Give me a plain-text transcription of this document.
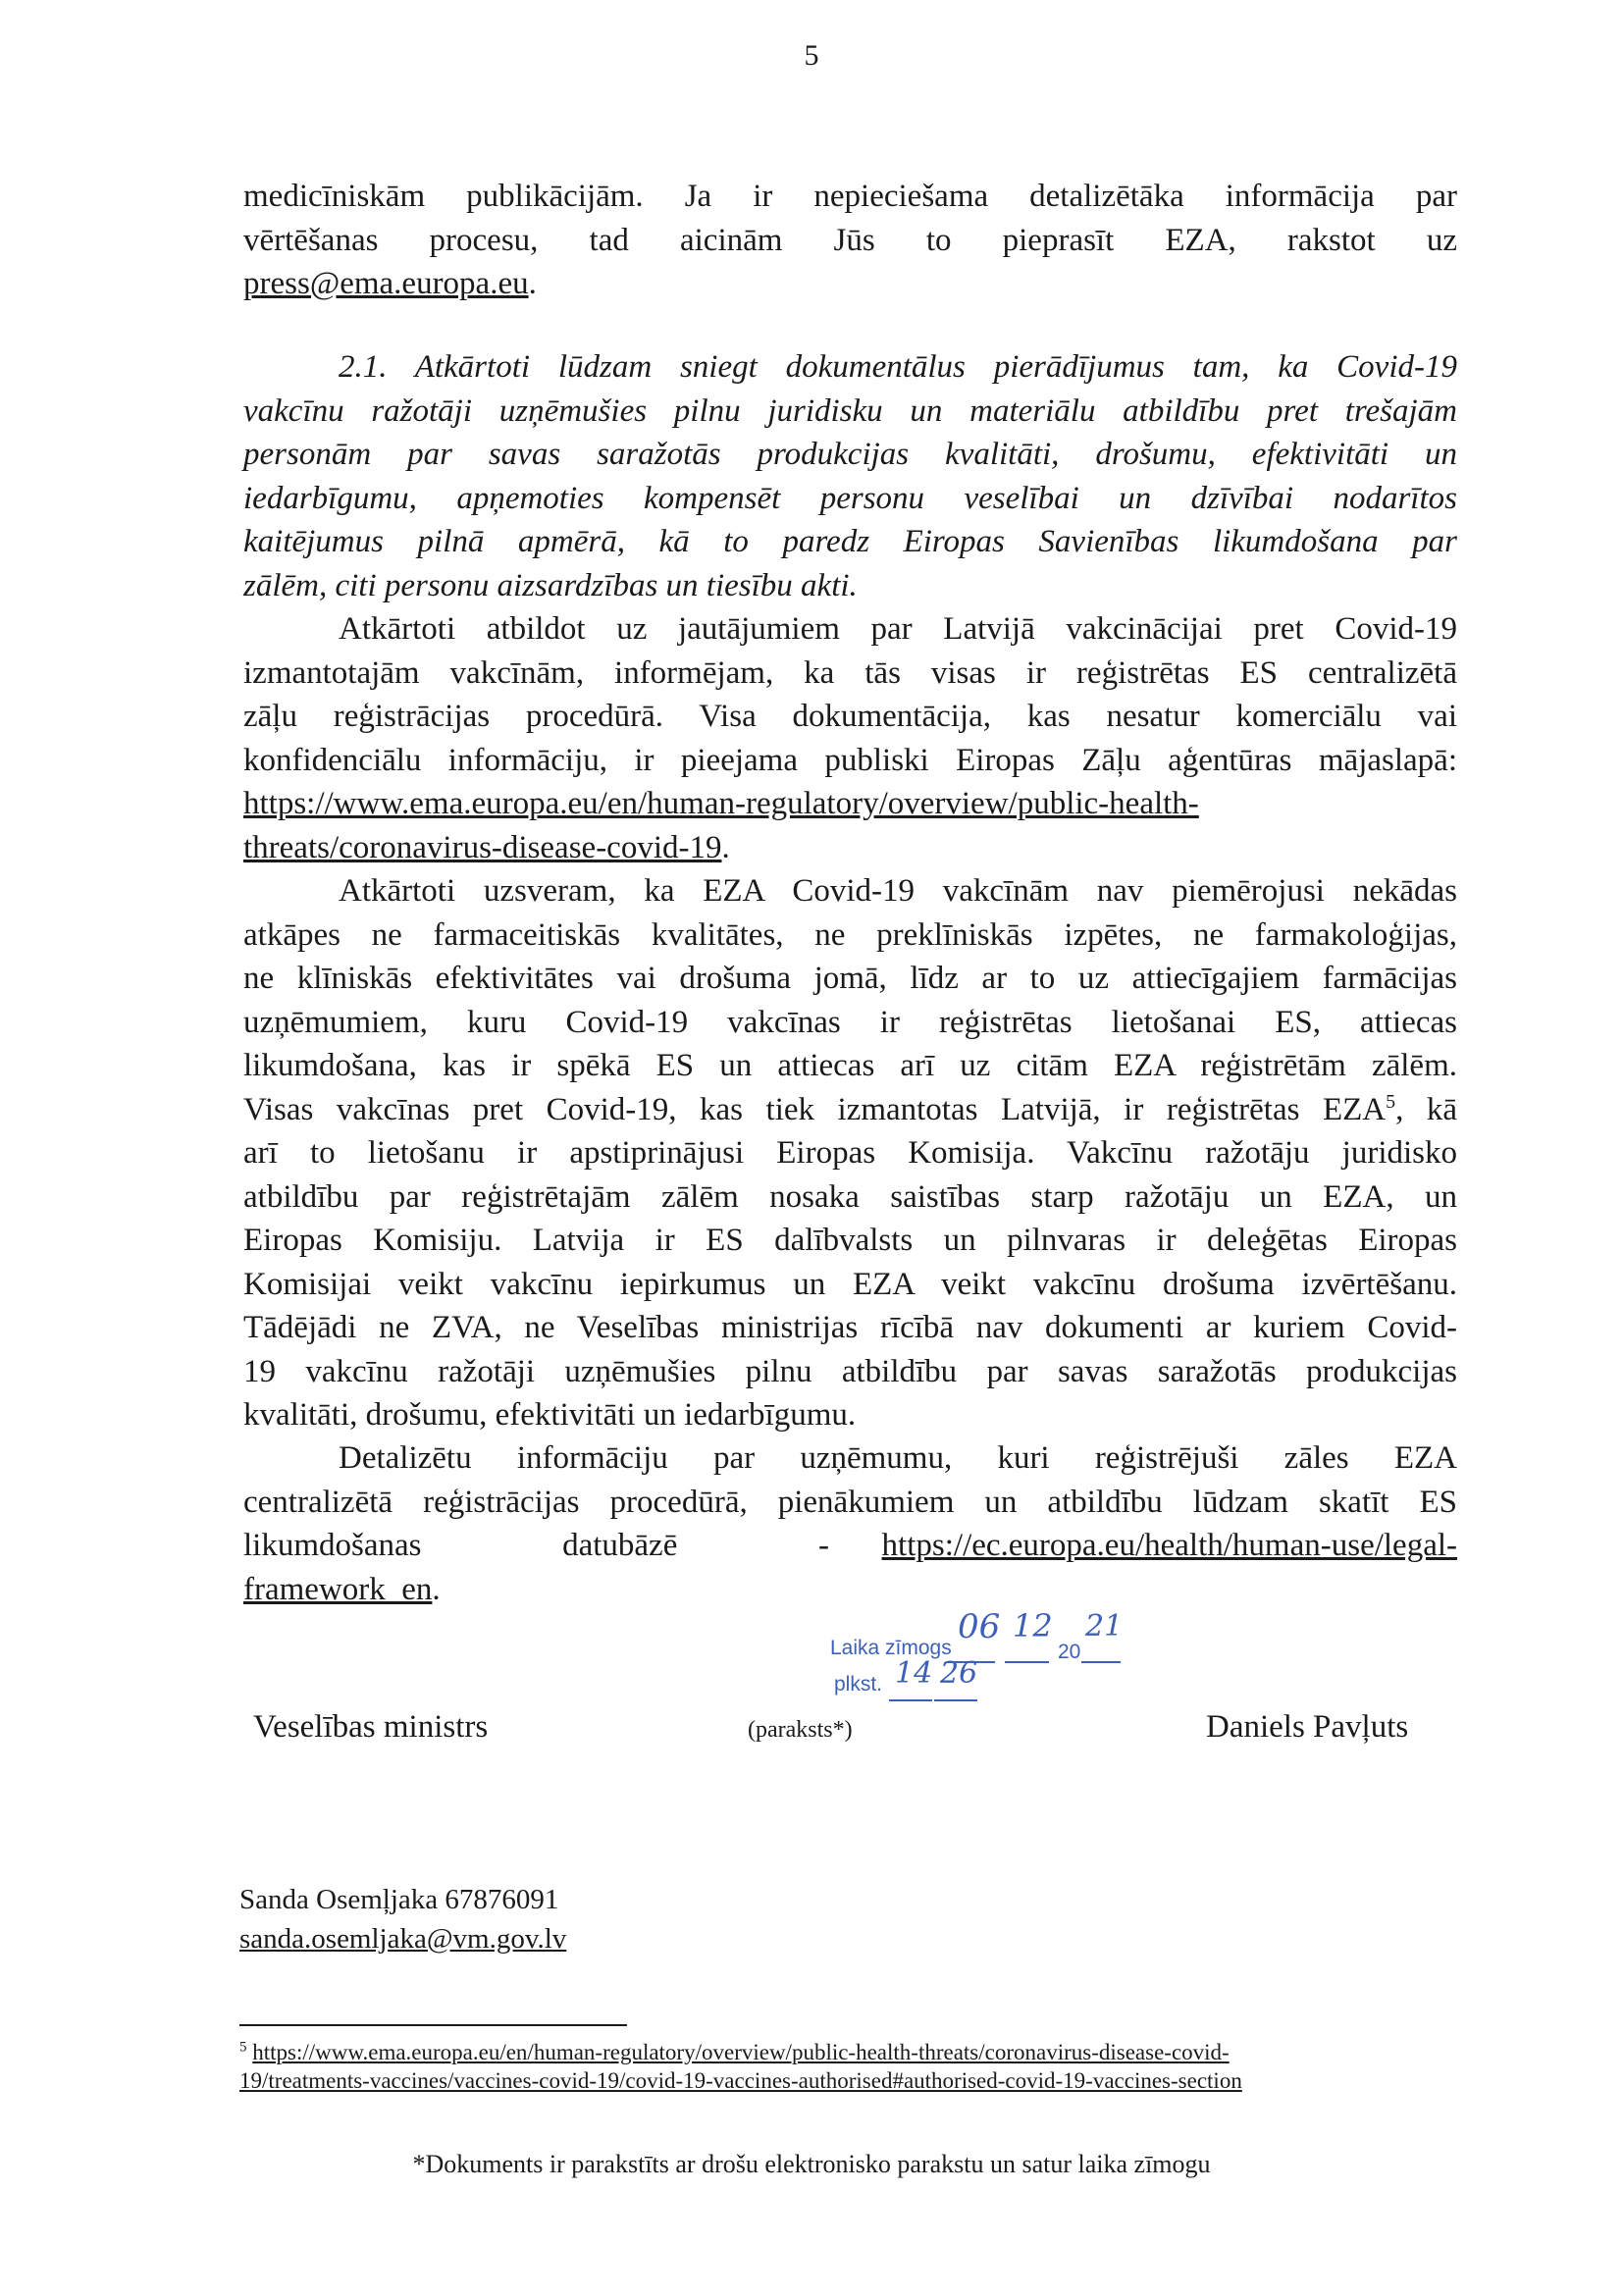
5
medicīniskām publikācijām. Ja ir nepieciešama detalizētāka informācija par
vērtēšanas procesu, tad aicinām Jūs to pieprasīt EZA, rakstot uz
press@ema.europa.eu.
2.1. Atkārtoti lūdzam sniegt dokumentālus pierādījumus tam, ka Covid-19
vakcīnu ražotāji uzņēmušies pilnu juridisku un materiālu atbildību pret trešajām
personām par savas saražotās produkcijas kvalitāti, drošumu, efektivitāti un
iedarbīgumu, apņemoties kompensēt personu veselībai un dzīvībai nodarītos
kaitējumus pilnā apmērā, kā to paredz Eiropas Savienības likumdošana par
zālēm, citi personu aizsardzības un tiesību akti.
Atkārtoti atbildot uz jautājumiem par Latvijā vakcinācijai pret Covid-19
izmantotajām vakcīnām, informējam, ka tās visas ir reģistrētas ES centralizētā
zāļu reģistrācijas procedūrā. Visa dokumentācija, kas nesatur komerciālu vai
konfidenciālu informāciju, ir pieejama publiski Eiropas Zāļu aģentūras mājaslapā:
https://www.ema.europa.eu/en/human-regulatory/overview/public-health-
threats/coronavirus-disease-covid-19.
Atkārtoti uzsveram, ka EZA Covid-19 vakcīnām nav piemērojusi nekādas
atkāpes ne farmaceitiskās kvalitātes, ne preklīniskās izpētes, ne farmakoloģijas,
ne klīniskās efektivitātes vai drošuma jomā, līdz ar to uz attiecīgajiem farmācijas
uzņēmumiem, kuru Covid-19 vakcīnas ir reģistrētas lietošanai ES, attiecas
likumdošana, kas ir spēkā ES un attiecas arī uz citām EZA reģistrētām zālēm.
Visas vakcīnas pret Covid-19, kas tiek izmantotas Latvijā, ir reģistrētas EZA$^5$, kā
arī to lietošanu ir apstiprinājusi Eiropas Komisija. Vakcīnu ražotāju juridisko
atbildību par reģistrētajām zālēm nosaka saistības starp ražotāju un EZA, un
Eiropas Komisiju. Latvija ir ES dalībvalsts un pilnvaras ir deleģētas Eiropas
Komisijai veikt vakcīnu iepirkumus un EZA veikt vakcīnu drošuma izvērtēšanu.
Tādējādi ne ZVA, ne Veselības ministrijas rīcībā nav dokumenti ar kuriem Covid-
19 vakcīnu ražotāji uzņēmušies pilnu atbildību par savas saražotās produkcijas
kvalitāti, drošumu, efektivitāti un iedarbīgumu.
Detalizētu informāciju par uzņēmumu, kuri reģistrējuši zāles EZA
centralizētā reģistrācijas procedūrā, pienākumiem un atbildību lūdzam skatīt ES
likumdošanas datubāzē - https://ec.europa.eu/health/human-use/legal-
framework_en.
Laika zīmogs
06 12
20
21
plkst. 14 26
Veselības ministrs	(paraksts*)	Daniels Pavļuts
Sanda Osemļjaka 67876091
sanda.osemljaka@vm.gov.lv
$^5$ https://www.ema.europa.eu/en/human-regulatory/overview/public-health-threats/coronavirus-disease-covid-
19/treatments-vaccines/vaccines-covid-19/covid-19-vaccines-authorised#authorised-covid-19-vaccines-section
*Dokuments ir parakstīts ar drošu elektronisko parakstu un satur laika zīmogu
